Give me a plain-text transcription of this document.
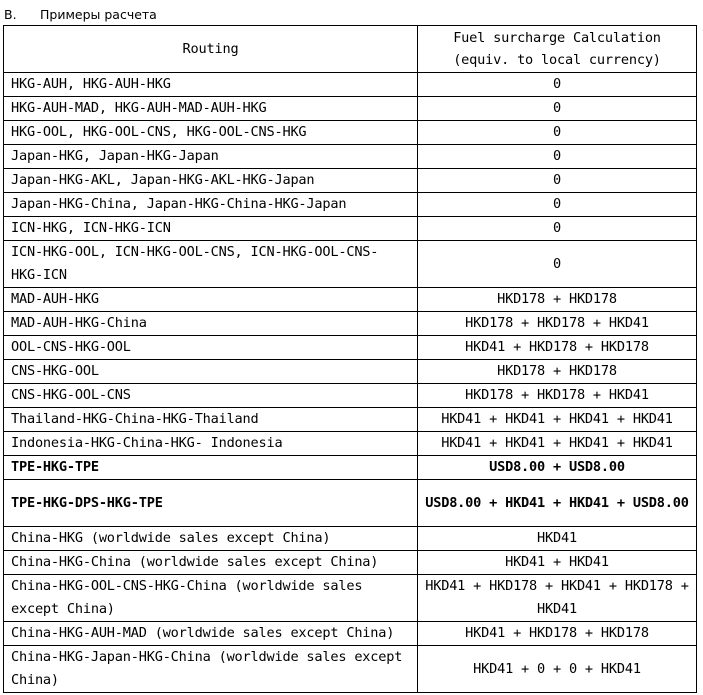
B. Примеры расчета
Routing	Fuel surcharge Calculation
(equiv. to local currency)
HKG-AUH, HKG-AUH-HKG	0
HKG-AUH-MAD, HKG-AUH-MAD-AUH-HKG	0
HKG-OOL, HKG-OOL-CNS, HKG-OOL-CNS-HKG	0
Japan-HKG, Japan-HKG-Japan	0
Japan-HKG-AKL, Japan-HKG-AKL-HKG-Japan	0
Japan-HKG-China, Japan-HKG-China-HKG-Japan	0
ICN-HKG, ICN-HKG-ICN	0
ICN-HKG-OOL, ICN-HKG-OOL-CNS, ICN-HKG-OOL-CNS-HKG-ICN	0
MAD-AUH-HKG	HKD178 + HKD178
MAD-AUH-HKG-China	HKD178 + HKD178 + HKD41
OOL-CNS-HKG-OOL	HKD41 + HKD178 + HKD178
CNS-HKG-OOL	HKD178 + HKD178
CNS-HKG-OOL-CNS	HKD178 + HKD178 + HKD41
Thailand-HKG-China-HKG-Thailand	HKD41 + HKD41 + HKD41 + HKD41
Indonesia-HKG-China-HKG- Indonesia	HKD41 + HKD41 + HKD41 + HKD41
TPE-HKG-TPE	USD8.00 + USD8.00
TPE-HKG-DPS-HKG-TPE	USD8.00 + HKD41 + HKD41 + USD8.00
China-HKG (worldwide sales except China)	HKD41
China-HKG-China (worldwide sales except China)	HKD41 + HKD41
China-HKG-OOL-CNS-HKG-China (worldwide sales except China)	HKD41 + HKD178 + HKD41 + HKD178 + HKD41
China-HKG-AUH-MAD (worldwide sales except China)	HKD41 + HKD178 + HKD178
China-HKG-Japan-HKG-China (worldwide sales except China)	HKD41 + 0 + 0 + HKD41
